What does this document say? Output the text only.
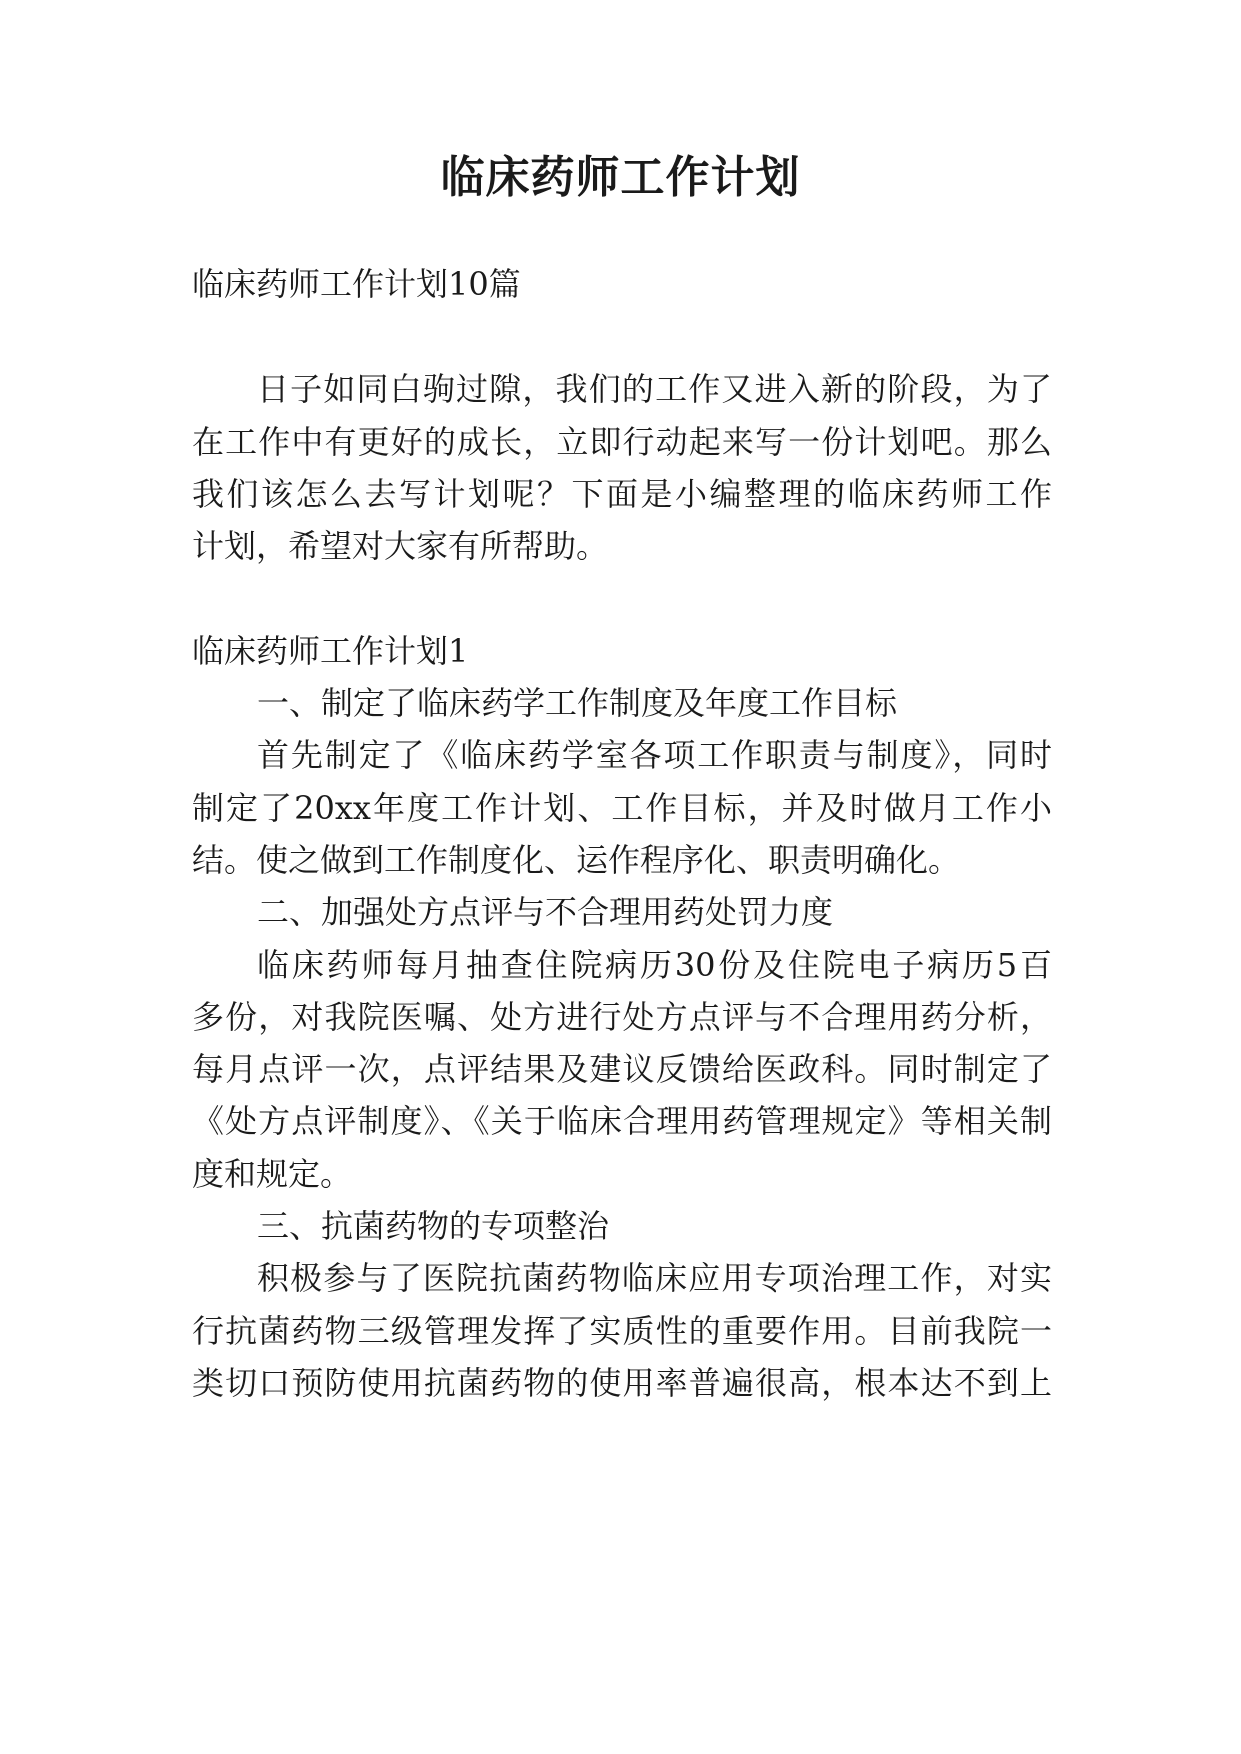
临床药师工作计划
临床药师工作计划10篇
日子如同白驹过隙，我们的工作又进入新的阶段，为了
在工作中有更好的成长，立即行动起来写一份计划吧。那么
我们该怎么去写计划呢？下面是小编整理的临床药师工作
计划，希望对大家有所帮助。
临床药师工作计划1
一、制定了临床药学工作制度及年度工作目标
首先制定了《临床药学室各项工作职责与制度》，同时
制定了20xx年度工作计划、工作目标，并及时做月工作小
结。使之做到工作制度化、运作程序化、职责明确化。
二、加强处方点评与不合理用药处罚力度
临床药师每月抽查住院病历30份及住院电子病历5百
多份，对我院医嘱、处方进行处方点评与不合理用药分析，
每月点评一次，点评结果及建议反馈给医政科。同时制定了
《处方点评制度》、《关于临床合理用药管理规定》等相关制
度和规定。
三、抗菌药物的专项整治
积极参与了医院抗菌药物临床应用专项治理工作，对实
行抗菌药物三级管理发挥了实质性的重要作用。目前我院一
类切口预防使用抗菌药物的使用率普遍很高，根本达不到上
